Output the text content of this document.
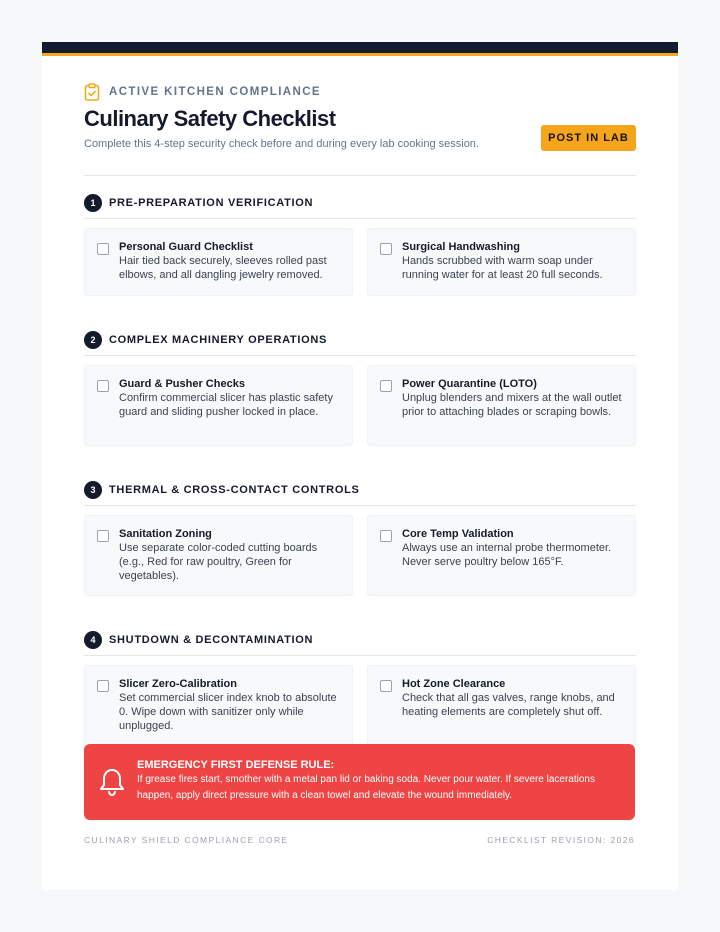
ACTIVE KITCHEN COMPLIANCE
Culinary Safety Checklist

Complete this 4-step security check before and during every lab cooking session.	POST IN LAB
1	PRE-PREPARATION VERIFICATION
Personal Guard Checklist
Hair tied back securely, sleeves rolled past elbows, and all dangling jewelry removed.
Surgical Handwashing
Hands scrubbed with warm soap under running water for at least 20 full seconds.
2	COMPLEX MACHINERY OPERATIONS
Guard & Pusher Checks
Confirm commercial slicer has plastic safety guard and sliding pusher locked in place.
Power Quarantine (LOTO)
Unplug blenders and mixers at the wall outlet prior to attaching blades or scraping bowls.
3	THERMAL & CROSS-CONTACT CONTROLS
Sanitation Zoning
Use separate color-coded cutting boards (e.g., Red for raw poultry, Green for vegetables).
Core Temp Validation
Always use an internal probe thermometer. Never serve poultry below 165°F.
4	SHUTDOWN & DECONTAMINATION
Slicer Zero-Calibration
Set commercial slicer index knob to absolute 0. Wipe down with sanitizer only while unplugged.
Hot Zone Clearance
Check that all gas valves, range knobs, and heating elements are completely shut off.
EMERGENCY FIRST DEFENSE RULE:
If grease fires start, smother with a metal pan lid or baking soda. Never pour water. If severe lacerations happen, apply direct pressure with a clean towel and elevate the wound immediately.
CULINARY SHIELD COMPLIANCE CORE	CHECKLIST REVISION: 2026
